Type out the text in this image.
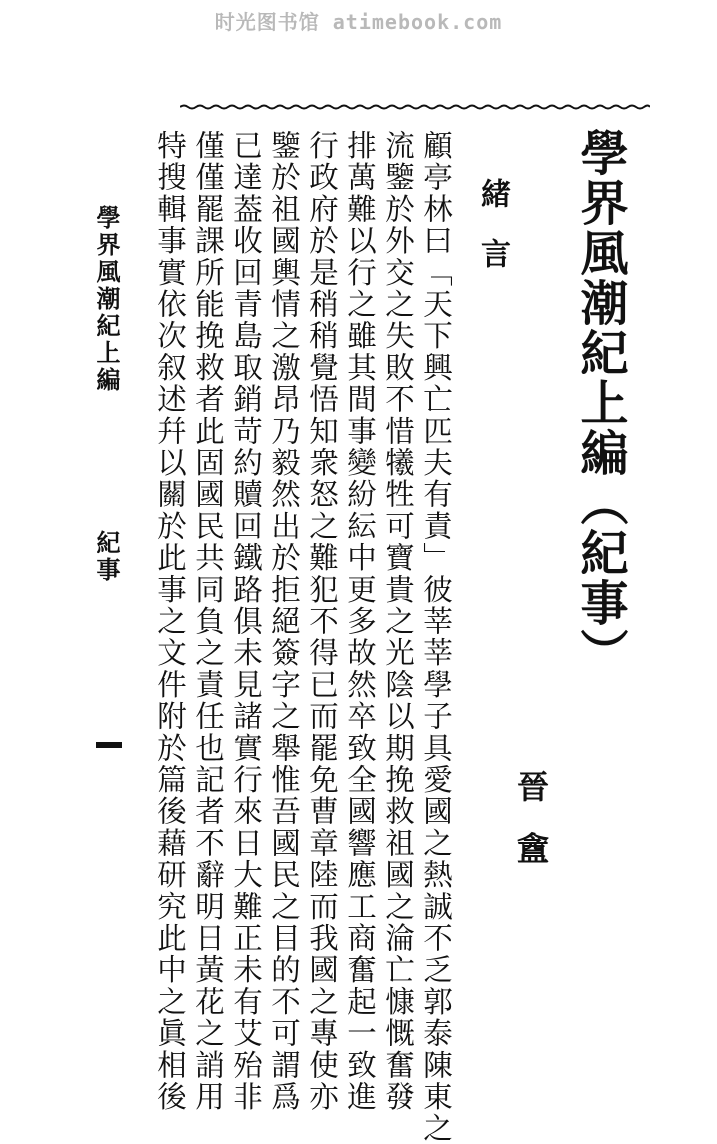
时光图书馆 atimebook.com
學界風潮紀上編（紀事）
晉盦
緒言
顧亭林曰「天下興亡匹夫有責」彼莘莘學子具愛國之熱誠不乏郭泰陳東之
流鑒於外交之失敗不惜犧牲可寶貴之光陰以期挽救祖國之淪亡慷慨奮發
排萬難以行之雖其間事變紛紜中更多故然卒致全國響應工商奮起一致進
行政府於是稍稍覺悟知衆怒之難犯不得已而罷免曹章陸而我國之專使亦
鑒於祖國輿情之激昂乃毅然出於拒絕簽字之舉惟吾國民之目的不可謂爲
已達葢收回青島取銷苛約贖回鐵路俱未見諸實行來日大難正未有艾殆非
僅僅罷課所能挽救者此固國民共同負之責任也記者不辭明日黃花之誚用
特搜輯事實依次叙述幷以關於此事之文件附於篇後藉研究此中之眞相後
學界風潮紀上編
紀事
